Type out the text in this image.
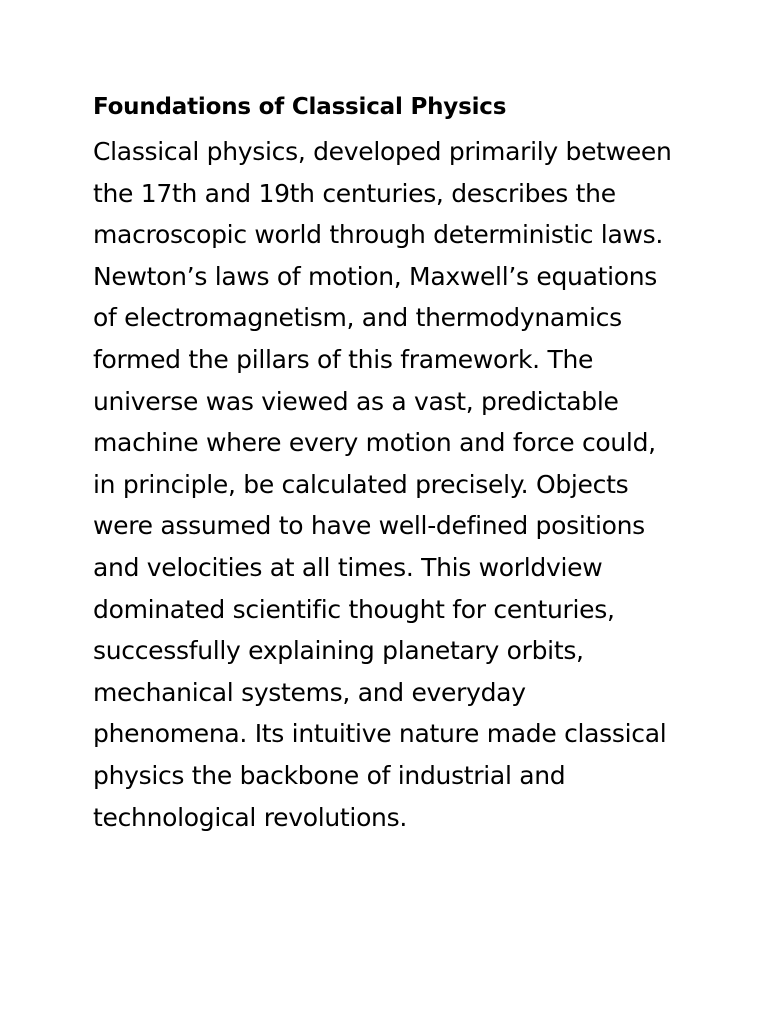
Foundations of Classical Physics

Classical physics, developed primarily between the 17th and 19th centuries, describes the macroscopic world through deterministic laws. Newton’s laws of motion, Maxwell’s equations of electromagnetism, and thermodynamics formed the pillars of this framework. The universe was viewed as a vast, predictable machine where every motion and force could, in principle, be calculated precisely. Objects were assumed to have well-defined positions and velocities at all times. This worldview dominated scientific thought for centuries, successfully explaining planetary orbits, mechanical systems, and everyday phenomena. Its intuitive nature made classical physics the backbone of industrial and technological revolutions.
